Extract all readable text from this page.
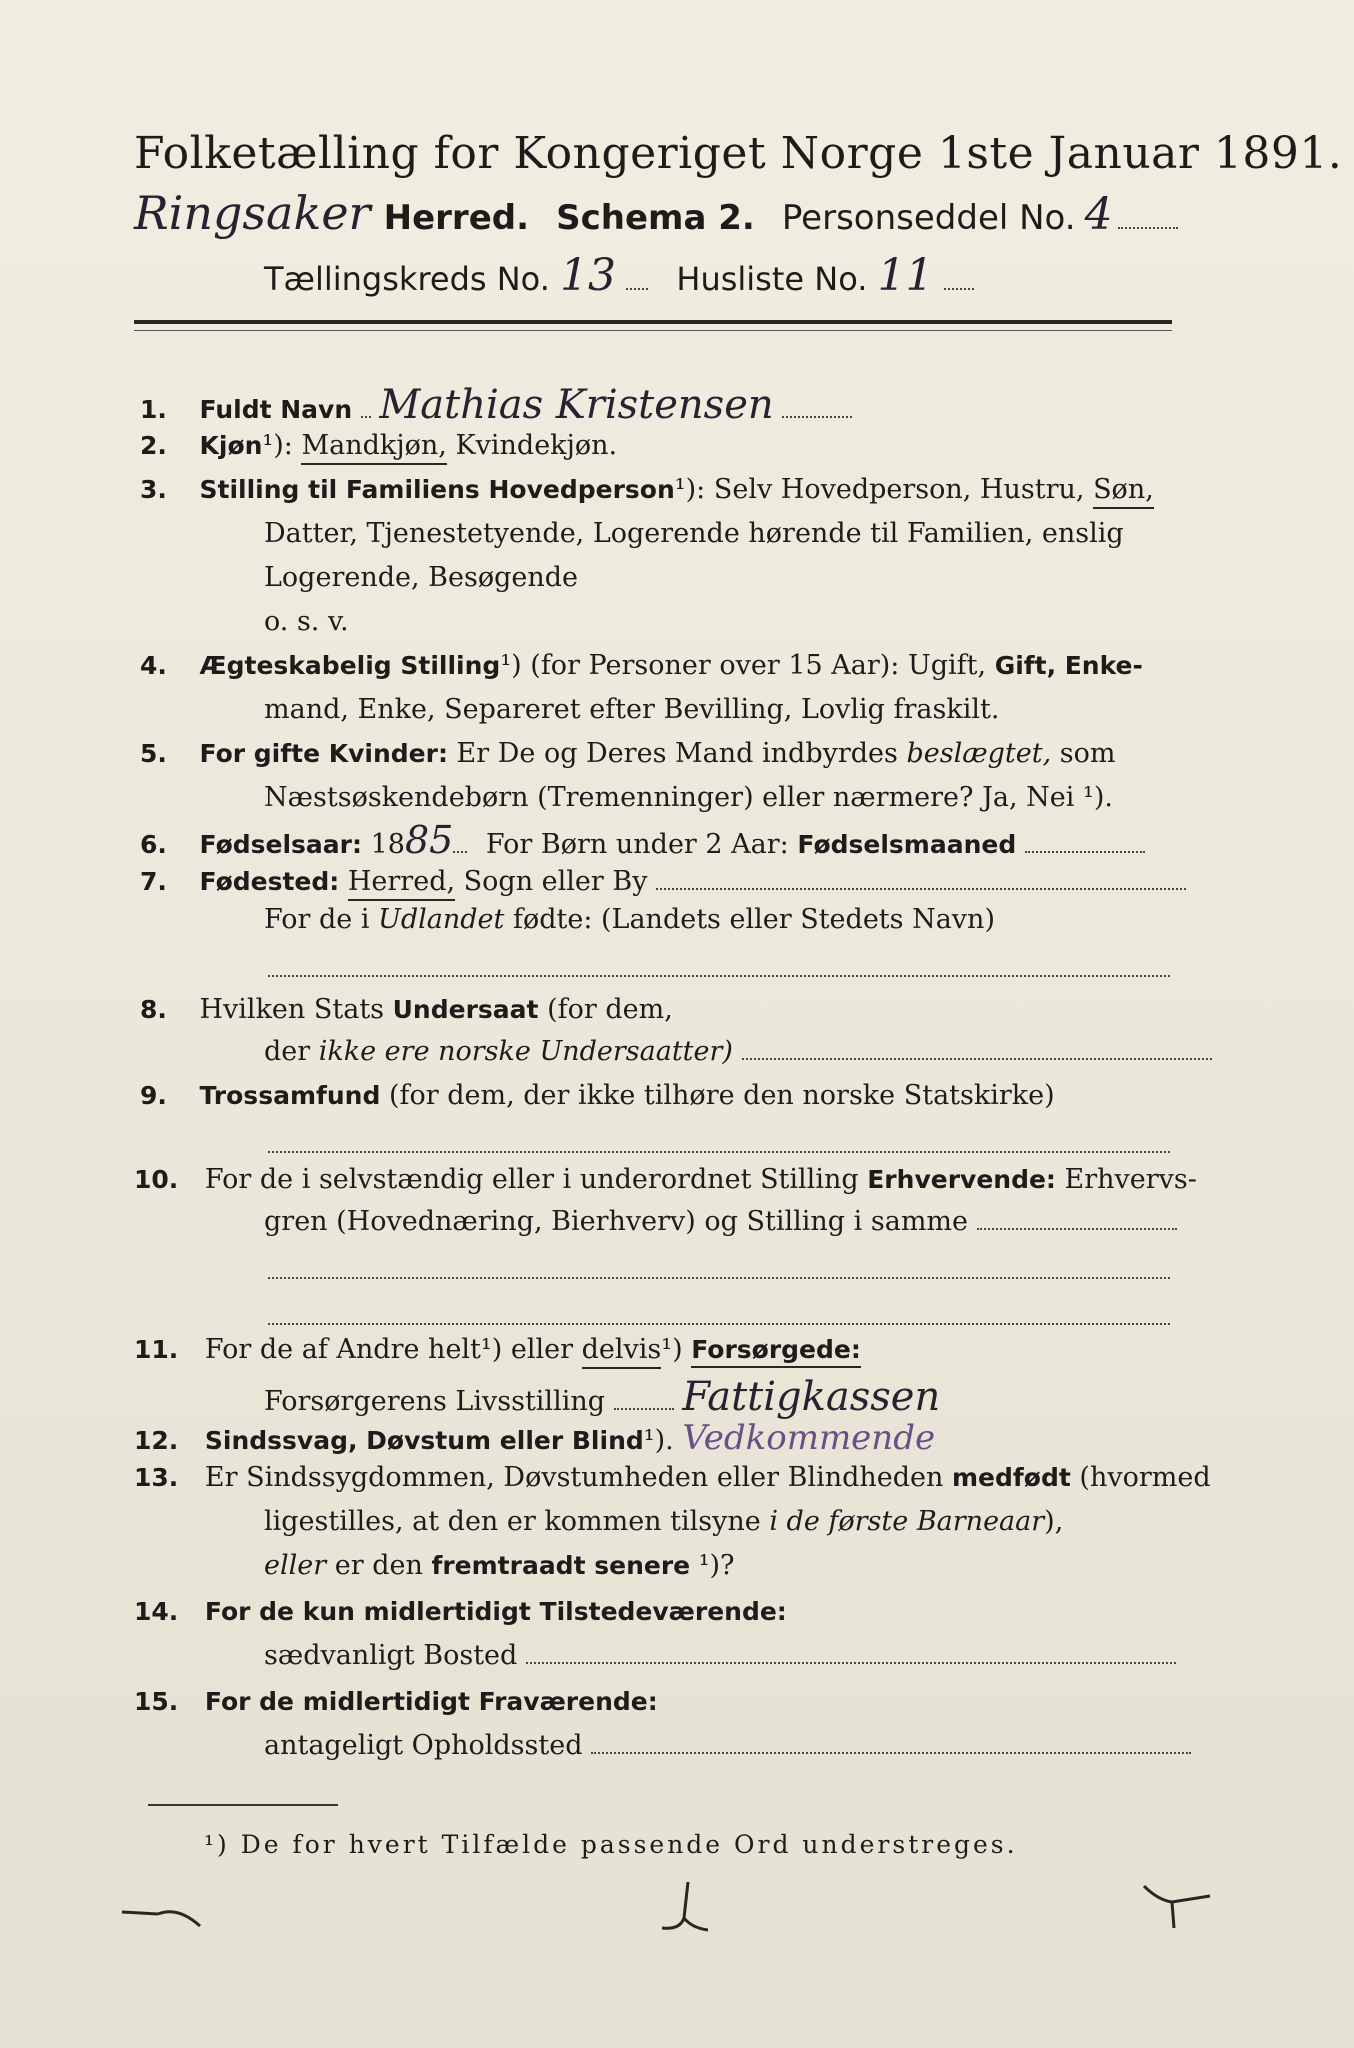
Folketælling for Kongeriget Norge 1ste Januar 1891.
Ringsaker Herred. Schema 2. Personseddel No. 4
Tællingskreds No. 13 Husliste No. 11
1. Fuldt Navn Mathias Kristensen
2. Kjøn¹): Mandkjøn, Kvindekjøn.
3. Stilling til Familiens Hovedperson¹): Selv Hovedperson, Hustru, Søn,
Datter, Tjenestetyende, Logerende hørende til Familien, enslig
Logerende, Besøgende
o. s. v.
4. Ægteskabelig Stilling¹) (for Personer over 15 Aar): Ugift, Gift, Enke-
mand, Enke, Separeret efter Bevilling, Lovlig fraskilt.
5. For gifte Kvinder: Er De og Deres Mand indbyrdes beslægtet, som
Næstsøskendebørn (Tremenninger) eller nærmere? Ja, Nei ¹).
6. Fødselsaar: 1885 For Børn under 2 Aar: Fødselsmaaned
7. Fødested: Herred, Sogn eller By
For de i Udlandet fødte: (Landets eller Stedets Navn)
8. Hvilken Stats Undersaat (for dem,
der ikke ere norske Undersaatter)
9. Trossamfund (for dem, der ikke tilhøre den norske Statskirke)
10. For de i selvstændig eller i underordnet Stilling Erhvervende: Erhvervs-
gren (Hovednæring, Bierhverv) og Stilling i samme
11. For de af Andre helt¹) eller delvis¹) Forsørgede:
Forsørgerens Livsstilling Fattigkassen
12. Sindssvag, Døvstum eller Blind¹). Vedkommende
13. Er Sindssygdommen, Døvstumheden eller Blindheden medfødt (hvormed
ligestilles, at den er kommen tilsyne i de første Barneaar),
eller er den fremtraadt senere ¹)?
14. For de kun midlertidigt Tilstedeværende:
sædvanligt Bosted
15. For de midlertidigt Fraværende:
antageligt Opholdssted
¹) De for hvert Tilfælde passende Ord understreges.
